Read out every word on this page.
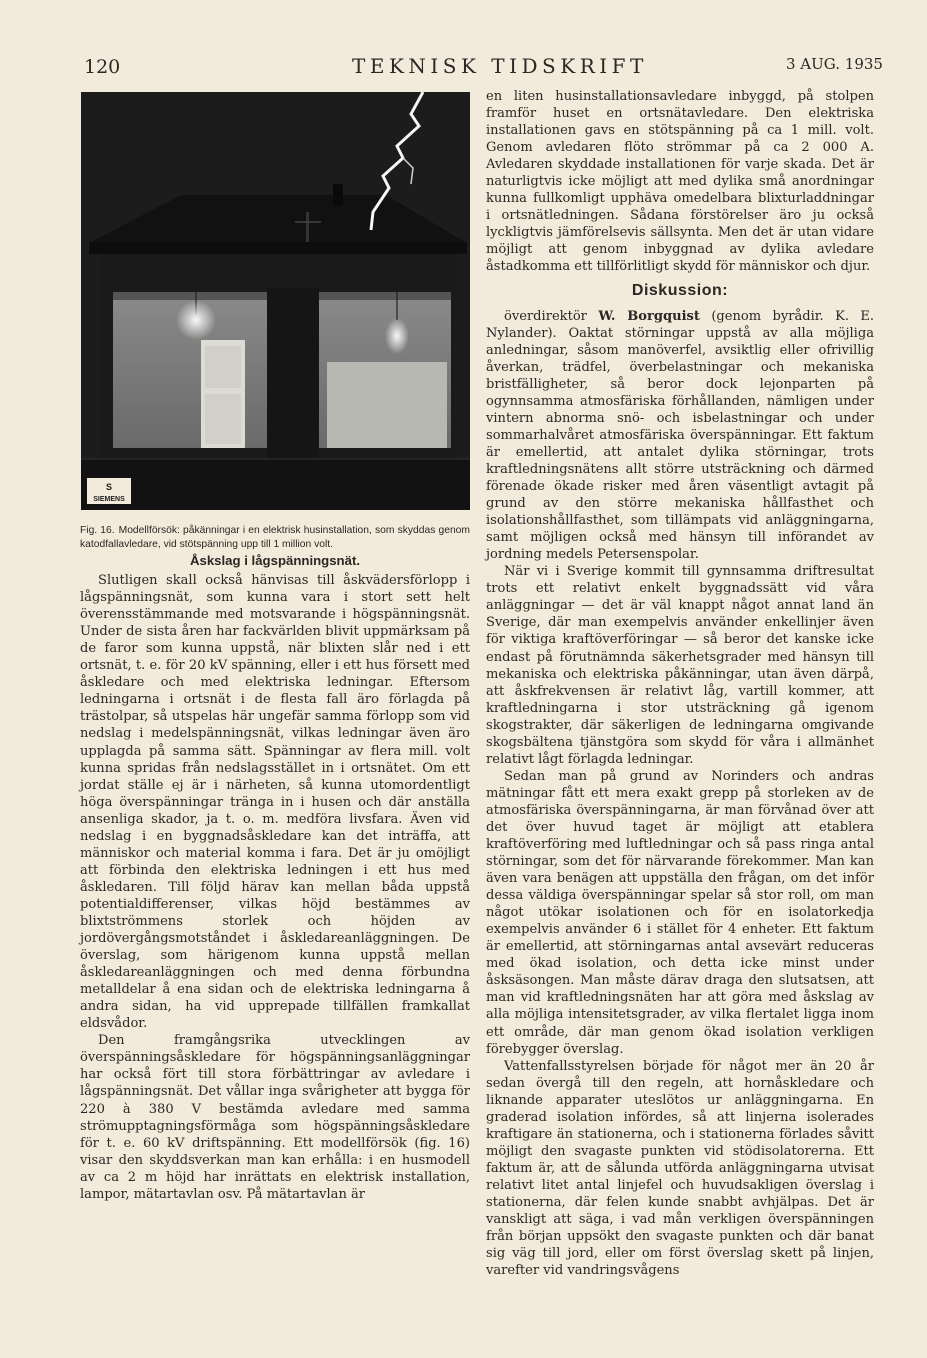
120	TEKNISK TIDSKRIFT	3 AUG. 1935
S
SIEMENS

Fig. 16. Modellförsök: påkänningar i en elektrisk husinstallation, som skyddas genom katodfallavledare, vid stötspänning upp till 1 million volt.

Åskslag i lågspänningsnät.

Slutligen skall också hänvisas till åskvädersförlopp i lågspänningsnät, som kunna vara i stort sett helt överensstämmande med motsvarande i högspänningsnät. Under de sista åren har fackvärlden blivit uppmärksam på de faror som kunna uppstå, när blixten slår ned i ett ortsnät, t. e. för 20 kV spänning, eller i ett hus försett med åskledare och med elektriska ledningar. Eftersom ledningarna i ortsnät i de flesta fall äro förlagda på trästolpar, så utspelas här ungefär samma förlopp som vid nedslag i medelspänningsnät, vilkas ledningar även äro upplagda på samma sätt. Spänningar av flera mill. volt kunna spridas från nedslagsstället in i ortsnätet. Om ett jordat ställe ej är i närheten, så kunna utomordentligt höga överspänningar tränga in i husen och där anställa ansenliga skador, ja t. o. m. medföra livsfara. Även vid nedslag i en byggnadsåskledare kan det inträffa, att människor och material komma i fara. Det är ju omöjligt att förbinda den elektriska ledningen i ett hus med åskledaren. Till följd härav kan mellan båda uppstå potentialdifferenser, vilkas höjd bestämmes av blixtströmmens storlek och höjden av jordövergångsmotståndet i åskledareanläggningen. De överslag, som härigenom kunna uppstå mellan åskledareanläggningen och med denna förbundna metalldelar å ena sidan och de elektriska ledningarna å andra sidan, ha vid upprepade tillfällen framkallat eldsvådor.

Den framgångsrika utvecklingen av överspänningsåskledare för högspänningsanläggningar har också fört till stora förbättringar av avledare i lågspänningsnät. Det vållar inga svårigheter att bygga för 220 à 380 V bestämda avledare med samma strömupptagningsförmåga som högspänningsåskledare för t. e. 60 kV driftspänning. Ett modellförsök (fig. 16) visar den skyddsverkan man kan erhålla: i en husmodell av ca 2 m höjd har inrättats en elektrisk installation, lampor, mätartavlan osv. På mätartavlan är

en liten husinstallationsavledare inbyggd, på stolpen framför huset en ortsnätavledare. Den elektriska installationen gavs en stötspänning på ca 1 mill. volt. Genom avledaren flöto strömmar på ca 2 000 A. Avledaren skyddade installationen för varje skada. Det är naturligtvis icke möjligt att med dylika små anordningar kunna fullkomligt upphäva omedelbara blixturladdningar i ortsnätledningen. Sådana förstörelser äro ju också lyckligtvis jämförelsevis sällsynta. Men det är utan vidare möjligt att genom inbyggnad av dylika avledare åstadkomma ett tillförlitligt skydd för människor och djur.

Diskussion:

överdirektör W. Borgquist (genom byrådir. K. E. Nylander). Oaktat störningar uppstå av alla möjliga anledningar, såsom manöverfel, avsiktlig eller ofrivillig åverkan, trädfel, överbelastningar och mekaniska bristfälligheter, så beror dock lejonparten på ogynnsamma atmosfäriska förhållanden, nämligen under vintern abnorma snö- och isbelastningar och under sommarhalvåret atmosfäriska överspänningar. Ett faktum är emellertid, att antalet dylika störningar, trots kraftledningsnätens allt större utsträckning och därmed förenade ökade risker med åren väsentligt avtagit på grund av den större mekaniska hållfasthet och isolationshållfasthet, som tillämpats vid anläggningarna, samt möjligen också med hänsyn till införandet av jordning medels Petersenspolar.

När vi i Sverige kommit till gynnsamma driftresultat trots ett relativt enkelt byggnadssätt vid våra anläggningar — det är väl knappt något annat land än Sverige, där man exempelvis använder enkellinjer även för viktiga kraftöverföringar — så beror det kanske icke endast på förutnämnda säkerhetsgrader med hänsyn till mekaniska och elektriska påkänningar, utan även därpå, att åskfrekvensen är relativt låg, vartill kommer, att kraftledningarna i stor utsträckning gå igenom skogstrakter, där säkerligen de ledningarna omgivande skogsbältena tjänstgöra som skydd för våra i allmänhet relativt lågt förlagda ledningar.

Sedan man på grund av Norinders och andras mätningar fått ett mera exakt grepp på storleken av de atmosfäriska överspänningarna, är man förvånad över att det över huvud taget är möjligt att etablera kraftöverföring med luftledningar och så pass ringa antal störningar, som det för närvarande förekommer. Man kan även vara benägen att uppställa den frågan, om det inför dessa väldiga överspänningar spelar så stor roll, om man något utökar isolationen och för en isolatorkedja exempelvis använder 6 i stället för 4 enheter. Ett faktum är emellertid, att störningarnas antal avsevärt reduceras med ökad isolation, och detta icke minst under åsksäsongen. Man måste därav draga den slutsatsen, att man vid kraftledningsnäten har att göra med åskslag av alla möjliga intensitetsgrader, av vilka flertalet ligga inom ett område, där man genom ökad isolation verkligen förebygger överslag.

Vattenfallsstyrelsen började för något mer än 20 år sedan övergå till den regeln, att hornåskledare och liknande apparater uteslötos ur anläggningarna. En graderad isolation infördes, så att linjerna isolerades kraftigare än stationerna, och i stationerna förlades såvitt möjligt den svagaste punkten vid stödisolatorerna. Ett faktum är, att de sålunda utförda anläggningarna utvisat relativt litet antal linjefel och huvudsakligen överslag i stationerna, där felen kunde snabbt avhjälpas. Det är vanskligt att säga, i vad mån verkligen överspänningen från början uppsökt den svagaste punkten och där banat sig väg till jord, eller om först överslag skett på linjen, varefter vid vandringsvågens
